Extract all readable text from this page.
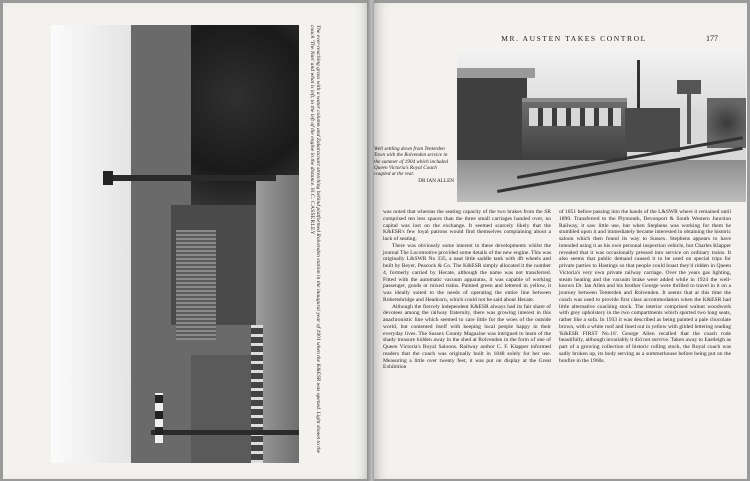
The ever-reaching grass with a water column and Zakaracourt stretching behind platformed Rolvenden station in the inaugural year of 1901 when the K&ESR was opened. Light shown to the coach 'The Nun' and what is left, to the left of the engine in the distance. H.C. CASSERLEY
MR. AUSTEN TAKES CONTROL	177
Well settling down from Tenterden Town with the Rolvenden service in the summer of 1904 which included Queen Victoria's Royal Coach coupled at the rear.
DR IAN ALLEN

was noted that whereas the seating capacity of the two brakes from the SR comprised ten less spaces than the three small carriages handed over, no capital was lost on the exchange. It seemed scarcely likely that the K&ESR's few loyal patrons would find themselves complaining about a lack of seating.

There was obviously some interest in these developments whilst the journal The Locomotive provided some details of the new engine. This was originally L&SWR No 335, a neat little saddle tank with 4ft wheels and built by Beyer, Peacock & Co. The K&ESR simply allocated it the number 4, formerly carried by Hecate, although the name was not transferred. Fitted with the automatic vacuum apparatus, it was capable of working passenger, goods or mixed trains. Painted green and lettered in yellow, it was ideally suited to the needs of operating the entire line between Robertsbridge and Headcorn, which could not be said about Hecate.

Although the fiercely independent K&ESR always had its fair share of devotees among the railway fraternity, there was growing interest in this anachronistic line which seemed to care little for the woes of the outside world, but contented itself with keeping local people happy in their everyday lives. The Sussex County Magazine was intrigued to learn of the shady treasure hidden away in the shed at Rolvenden in the form of one of Queen Victoria's Royal Saloons. Railway author C. F. Klapper informed readers that the coach was originally built in 1848 solely for her use. Measuring a little over twenty feet, it was put on display at the Great Exhibition

of 1851 before passing into the hands of the L&SWR where it remained until 1890. Transferred to the Plymouth, Devonport & South Western Junction Railway, it saw little use, but when Stephens was working for them he stumbled upon it and immediately became interested in obtaining the historic saloon which then found its way to Sussex. Stephens appears to have intended using it as his own personal inspection vehicle, but Charles Klapper revealed that it was occasionally pressed into service on ordinary trains. It also seems that public demand caused it to be used on special trips for private parties to Hastings so that people could boast they'd ridden in Queen Victoria's very own private railway carriage. Over the years gas lighting, steam heating and the vacuum brake were added while in 1924 the well-known Dr. Ian Allen and his brother George were thrilled to travel in it on a journey between Tenterden and Rolvenden. It seems that at this time the coach was used to provide first class accommodation when the K&ESR had little alternative coaching stock. The interior comprised walnut woodwork with grey upholstery in the two compartments which sported two long seats, rather like a sofa. In 1933 it was described as being painted a pale chocolate brown, with a white roof and lined out in yellow with gilded lettering reading 'K&ESR FIRST No.16'. George Allen recalled that the coach rode beautifully, although invariably it did not survive. Taken away to Eastleigh as part of a growing collection of historic rolling stock, the Royal coach was sadly broken up, its body serving as a summerhouse before being put on the bonfire in the 1960s.
